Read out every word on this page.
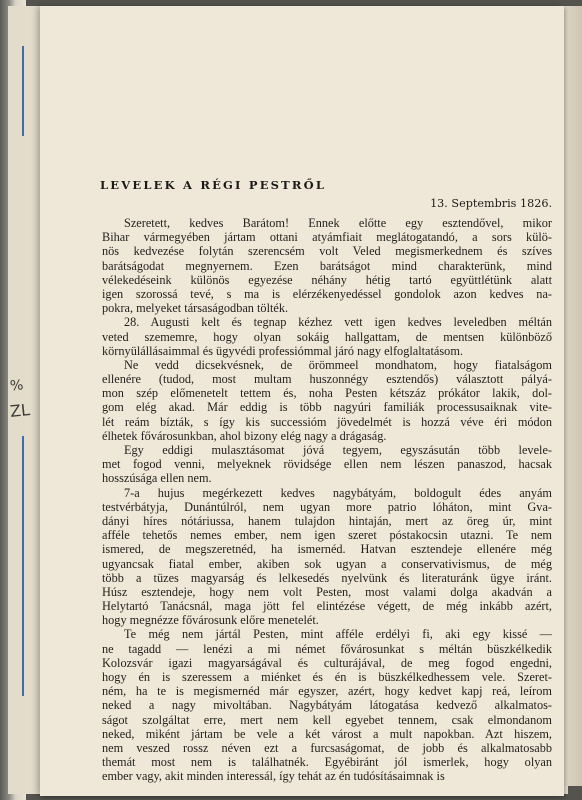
%
ZL
LEVELEK A RÉGI PESTRŐL
13. Septembris 1826.
Szeretett, kedves Barátom! Ennek előtte egy esztendővel, mikor
Bihar vármegyében jártam ottani atyámfiait meglátogatandó, a sors külö-
nös kedvezése folytán szerencsém volt Veled megismerkednem és szíves
barátságodat megnyernem. Ezen barátságot mind charakterünk, mind
vélekedéseink különös egyezése néhány hétig tartó együttlétünk alatt
igen szorossá tevé, s ma is elérzékenyedéssel gondolok azon kedves na-
pokra, melyeket társaságodban tölték.
28. Augusti kelt és tegnap kézhez vett igen kedves leveledben méltán
veted szememre, hogy olyan sokáig hallgattam, de mentsen különböző
környülállásaimmal és ügyvédi professiómmal járó nagy elfoglaltatásom.
Ne vedd dicsekvésnek, de örömmeel mondhatom, hogy fiatalságom
ellenére (tudod, most multam huszonnégy esztendős) választott pályá-
mon szép előmenetelt tettem és, noha Pesten kétszáz prókátor lakik, dol-
gom elég akad. Már eddig is több nagyúri familiák processusaiknak vite-
lét reám bízták, s így kis successióm jövedelmét is hozzá véve éri módon
élhetek fővárosunkban, ahol bizony elég nagy a drágaság.
Egy eddigi mulasztásomat jóvá tegyem, egyszásután több levele-
met fogod venni, melyeknek rövidsége ellen nem lészen panaszod, hacsak
hosszúsága ellen nem.
7-a hujus megérkezett kedves nagybátyám, boldogult édes anyám
testvérbátyja, Dunántúlról, nem ugyan more patrio lóháton, mint Gva-
dányi híres nótáriussa, hanem tulajdon hintaján, mert az öreg úr, mint
afféle tehetős nemes ember, nem igen szeret póstakocsin utazni. Te nem
ismered, de megszeretnéd, ha ismernéd. Hatvan esztendeje ellenére még
ugyancsak fiatal ember, akiben sok ugyan a conservativismus, de még
több a tüzes magyarság és lelkesedés nyelvünk és literaturánk ügye iránt.
Húsz esztendeje, hogy nem volt Pesten, most valami dolga akadván a
Helytartó Tanácsnál, maga jött fel elintézése végett, de még inkább azért,
hogy megnézze fővárosunk előre menetelét.
Te még nem jártál Pesten, mint afféle erdélyi fi, aki egy kissé —
ne tagadd — lenézi a mi német fővárosunkat s méltán büszkélkedik
Kolozsvár igazi magyarságával és culturájával, de meg fogod engedni,
hogy én is szeressem a miénket és én is büszkélkedhessem vele. Szeret-
ném, ha te is megismernéd már egyszer, azért, hogy kedvet kapj reá, leírom
neked a nagy mivoltában. Nagybátyám látogatása kedvező alkalmatos-
ságot szolgáltat erre, mert nem kell egyebet tennem, csak elmondanom
neked, miként jártam be vele a két várost a mult napokban. Azt hiszem,
nem veszed rossz néven ezt a furcsaságomat, de jobb és alkalmatosabb
themát most nem is találhatnék. Egyébiránt jól ismerlek, hogy olyan
ember vagy, akit minden interessál, így tehát az én tudósításaimnak is
